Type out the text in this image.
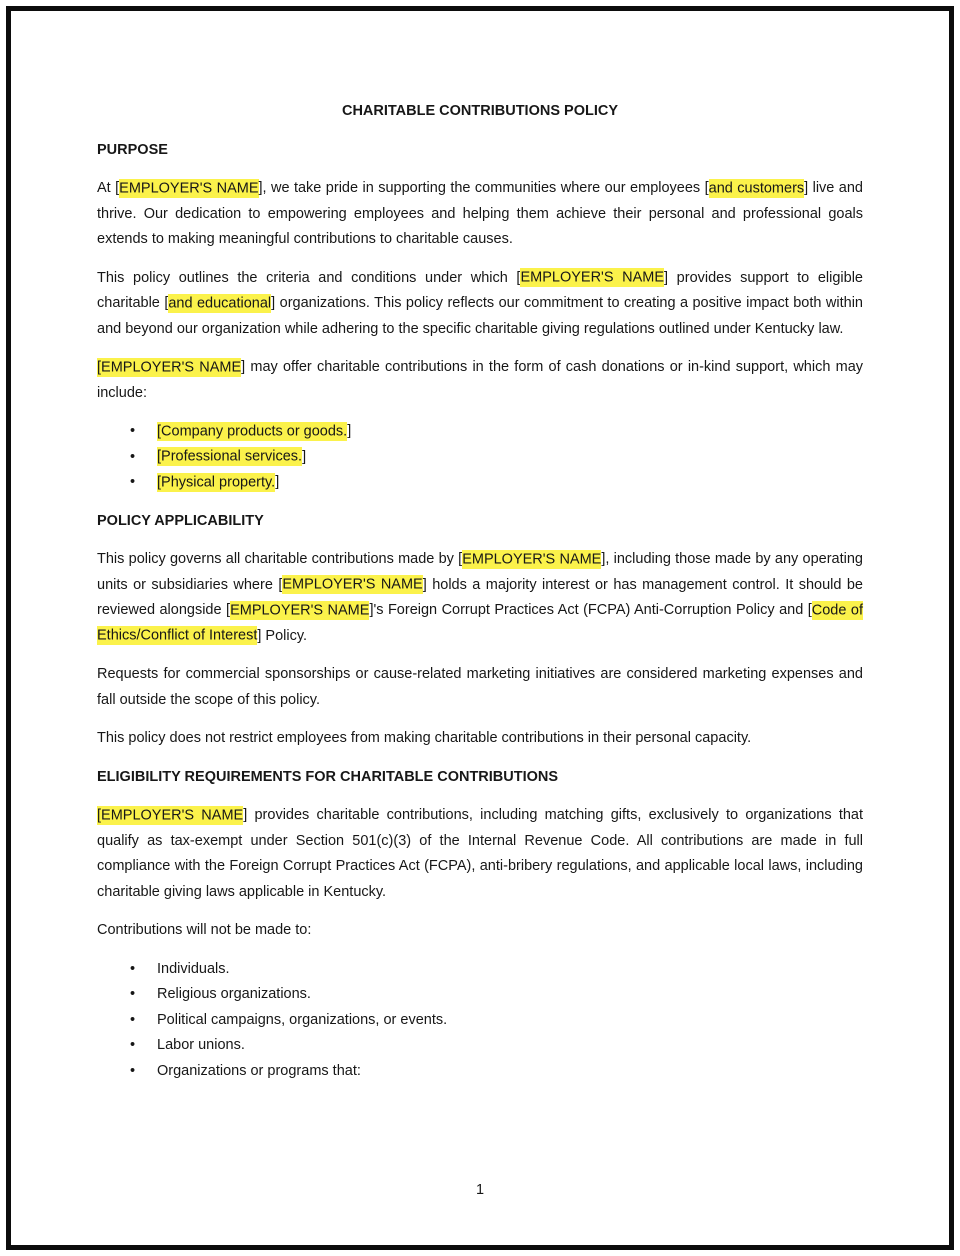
CHARITABLE CONTRIBUTIONS POLICY
PURPOSE

At [EMPLOYER'S NAME], we take pride in supporting the communities where our employees [and customers] live and thrive. Our dedication to empowering employees and helping them achieve their personal and professional goals extends to making meaningful contributions to charitable causes.

This policy outlines the criteria and conditions under which [EMPLOYER'S NAME] provides support to eligible charitable [and educational] organizations. This policy reflects our commitment to creating a positive impact both within and beyond our organization while adhering to the specific charitable giving regulations outlined under Kentucky law.

[EMPLOYER'S NAME] may offer charitable contributions in the form of cash donations or in-kind support, which may include:

• [Company products or goods.]
• [Professional services.]
• [Physical property.]
POLICY APPLICABILITY

This policy governs all charitable contributions made by [EMPLOYER'S NAME], including those made by any operating units or subsidiaries where [EMPLOYER'S NAME] holds a majority interest or has management control. It should be reviewed alongside [EMPLOYER'S NAME]'s Foreign Corrupt Practices Act (FCPA) Anti-Corruption Policy and [Code of Ethics/Conflict of Interest] Policy.

Requests for commercial sponsorships or cause-related marketing initiatives are considered marketing expenses and fall outside the scope of this policy.

This policy does not restrict employees from making charitable contributions in their personal capacity.

ELIGIBILITY REQUIREMENTS FOR CHARITABLE CONTRIBUTIONS

[EMPLOYER'S NAME] provides charitable contributions, including matching gifts, exclusively to organizations that qualify as tax-exempt under Section 501(c)(3) of the Internal Revenue Code. All contributions are made in full compliance with the Foreign Corrupt Practices Act (FCPA), anti-bribery regulations, and applicable local laws, including charitable giving laws applicable in Kentucky.

Contributions will not be made to:

• Individuals.
• Religious organizations.
• Political campaigns, organizations, or events.
• Labor unions.
• Organizations or programs that:
1
